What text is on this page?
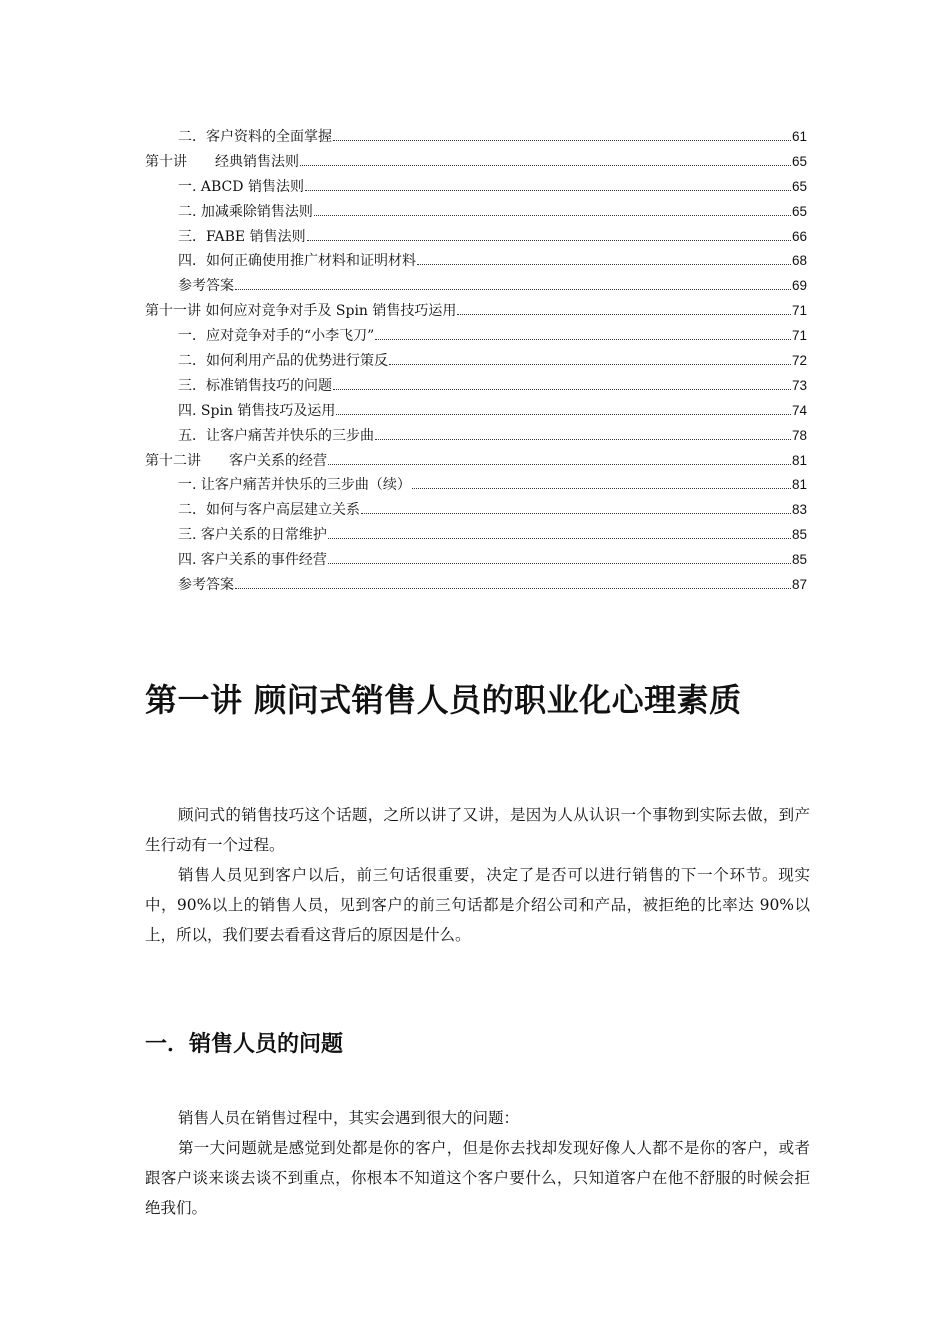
二．客户资料的全面掌握	61
第十讲　　经典销售法则	65
一. ABCD 销售法则	65
二. 加减乘除销售法则	65
三．FABE 销售法则	66
四．如何正确使用推广材料和证明材料	68
参考答案	69
第十一讲 如何应对竞争对手及 Spin 销售技巧运用	71
一．应对竞争对手的“小李飞刀”	71
二．如何利用产品的优势进行策反	72
三．标准销售技巧的问题	73
四. Spin 销售技巧及运用	74
五．让客户痛苦并快乐的三步曲	78
第十二讲　　客户关系的经营	81
一. 让客户痛苦并快乐的三步曲（续）	81
二．如何与客户高层建立关系	83
三. 客户关系的日常维护	85
四. 客户关系的事件经营	85
参考答案	87
第一讲 顾问式销售人员的职业化心理素质

顾问式的销售技巧这个话题，之所以讲了又讲，是因为人从认识一个事物到实际去做，到产生行动有一个过程。

销售人员见到客户以后，前三句话很重要，决定了是否可以进行销售的下一个环节。现实中，90%以上的销售人员，见到客户的前三句话都是介绍公司和产品，被拒绝的比率达 90%以上，所以，我们要去看看这背后的原因是什么。

一．销售人员的问题

销售人员在销售过程中，其实会遇到很大的问题：

第一大问题就是感觉到处都是你的客户，但是你去找却发现好像人人都不是你的客户，或者跟客户谈来谈去谈不到重点，你根本不知道这个客户要什么，只知道客户在他不舒服的时候会拒绝我们。
